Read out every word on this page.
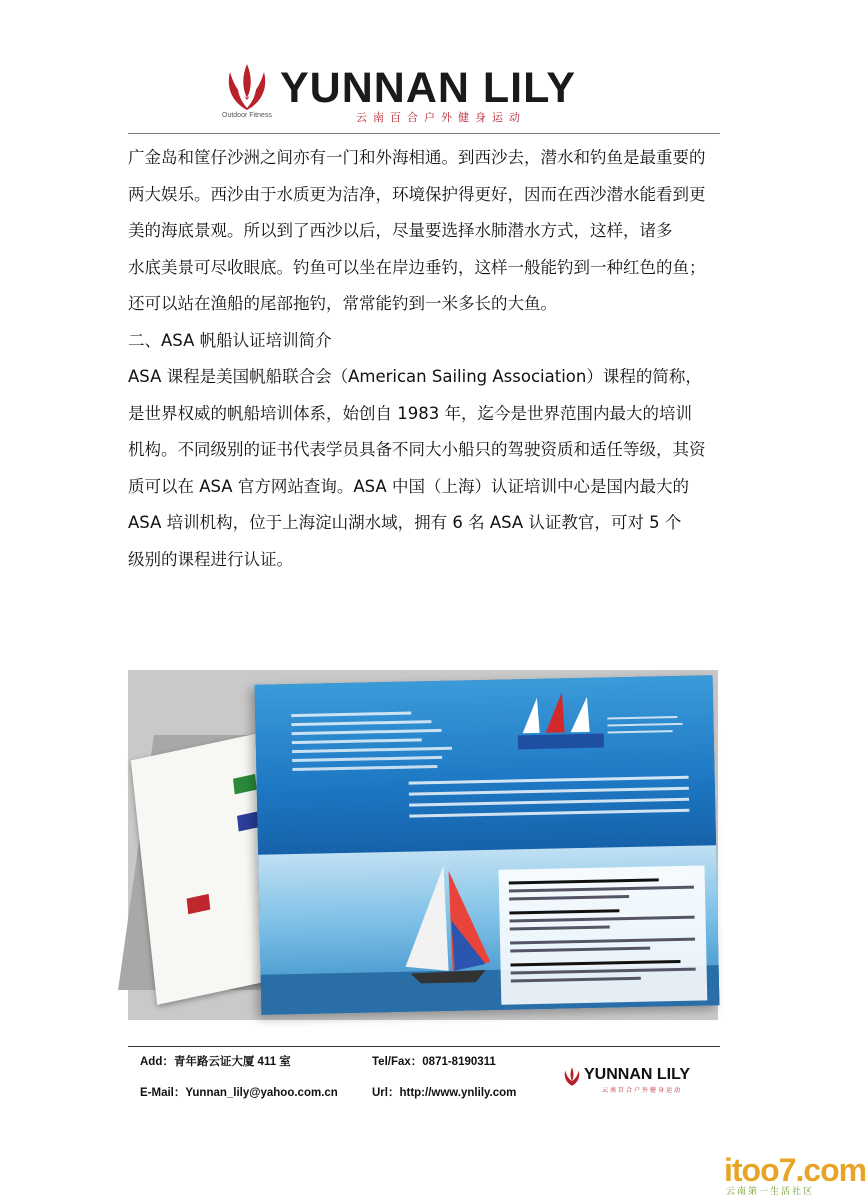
YUNNAN LILY
Outdoor Fitness	云南百合户外健身运动
广金岛和筐仔沙洲之间亦有一门和外海相通。到西沙去，潜水和钓鱼是最重要的
两大娱乐。西沙由于水质更为洁净，环境保护得更好，因而在西沙潜水能看到更
美的海底景观。所以到了西沙以后，尽量要选择水肺潜水方式，这样，诸多
水底美景可尽收眼底。钓鱼可以坐在岸边垂钓，这样一般能钓到一种红色的鱼；
还可以站在渔船的尾部拖钓，常常能钓到一米多长的大鱼。
二、ASA 帆船认证培训简介
ASA 课程是美国帆船联合会（American Sailing Association）课程的简称，
是世界权威的帆船培训体系，始创自 1983 年，迄今是世界范围内最大的培训
机构。不同级别的证书代表学员具备不同大小船只的驾驶资质和适任等级，其资
质可以在 ASA 官方网站查询。ASA 中国（上海）认证培训中心是国内最大的
ASA 培训机构，位于上海淀山湖水域，拥有 6 名 ASA 认证教官，可对 5 个
级别的课程进行认证。
Add：青年路云证大厦 411 室	Tel/Fax：0871-8190311
E-Mail：Yunnan_lily@yahoo.com.cn	Url：http://www.ynlily.com
YUNNAN LILY
云南百合户外健身运动
itoo7.com
云南第一生活社区
